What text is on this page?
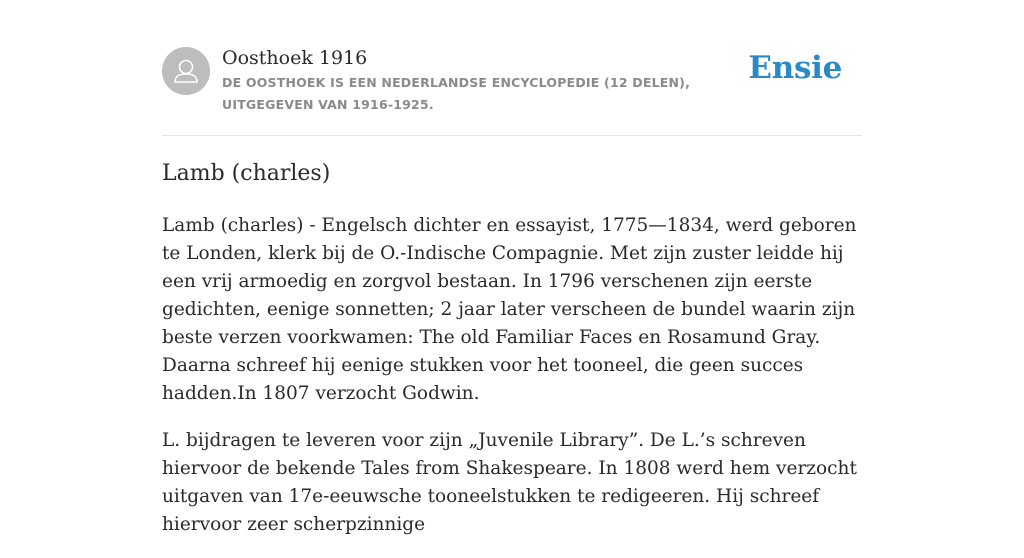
Oosthoek 1916
DE OOSTHOEK IS EEN NEDERLANDSE ENCYCLOPEDIE (12 DELEN), UITGEGEVEN VAN 1916-1925.
Ensie
Lamb (charles)

Lamb (charles) - Engelsch dichter en essayist, 1775—1834, werd geboren te Londen, klerk bij de O.-Indische Compagnie. Met zijn zuster leidde hij een vrij armoedig en zorgvol bestaan. In 1796 verschenen zijn eerste gedichten, eenige sonnetten; 2 jaar later verscheen de bundel waarin zijn beste verzen voorkwamen: The old Familiar Faces en Rosamund Gray. Daarna schreef hij eenige stukken voor het tooneel, die geen succes hadden.In 1807 verzocht Godwin.

L. bijdragen te leveren voor zijn „Juvenile Library”. De L.’s schreven hiervoor de bekende Tales from Shakespeare. In 1808 werd hem verzocht uitgaven van 17e-eeuwsche tooneelstukken te redigeeren. Hij schreef hiervoor zeer scherpzinnige
